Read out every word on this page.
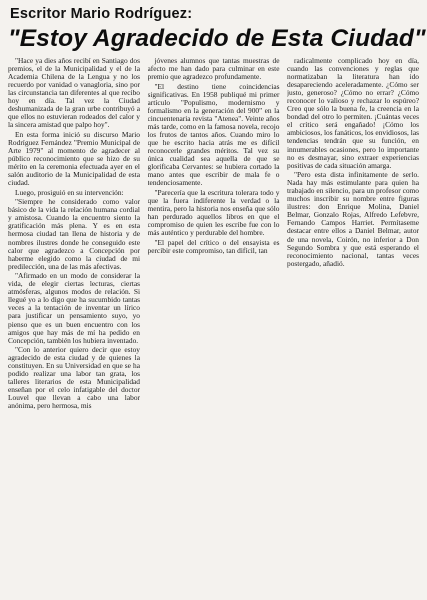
Escritor Mario Rodríguez:
"Estoy Agradecido de Esta Ciudad"

"Hace ya dies años recibí en Santiago dos premios, el de la Municipalidad y el de la Academia Chilena de la Lengua y no los recuerdo por vanidad o vanagloria, sino por las circunstancia tan diferentes al que recibo hoy en día. Tal vez la Ciudad deshumanizada de la gran urbe contribuyó a que ellos no estuvieran rodeados del calor y la sincera amistad que palpo hoy".

En esta forma inició su discurso Mario Rodríguez Fernández "Premio Municipal de Arte 1979" al momento de agradecer al público reconocimiento que se hizo de su mérito en la ceremonia efectuada ayer en el salón auditorio de la Municipalidad de esta ciudad.

Luego, prosiguió en su intervención:

"Siempre he considerado como valor básico de la vida la relación humana cordial y amistosa. Cuando la encuentro siento la gratificación más plena. Y es en esta hermosa ciudad tan llena de historia y de nombres ilustres donde he conseguido este calor que agradezco a Concepción por haberme elegido como la ciudad de mi predilección, una de las más afectivas.

"Afirmado en un modo de considerar la vida, de elegir ciertas lecturas, ciertas atmósferas, algunos modos de relación. Si llegué yo a lo digo que ha sucumbido tantas veces a la tentación de inventar un lírico para justificar un pensamiento suyo, yo pienso que es un buen encuentro con los amigos que hay más de mí ha pedido en Concepción, también los hubiera inventado.

"Con lo anterior quiero decir que estoy agradecido de esta ciudad y de quienes la constituyen. En su Universidad en que se ha podido realizar una labor tan grata, los talleres literarios de esta Municipalidad enseñan por el celo infatigable del doctor Louvel que llevan a cabo una labor anónima, pero hermosa, mis

jóvenes alumnos que tantas muestras de afecto me han dado para culminar en este premio que agradezco profundamente.

"El destino tiene coincidencias significativas. En 1958 publiqué mi primer artículo "Populismo, modernismo y formalismo en la generación del 900" en la cincuentenaria revista "Atenea". Veinte años más tarde, como en la famosa novela, recojo los frutos de tantos años. Cuando miro lo que he escrito hacia atrás me es difícil reconocerle grandes méritos. Tal vez su única cualidad sea aquella de que se glorificaba Cervantes: se hubiera cortado la mano antes que escribir de mala fe o tendenciosamente.

"Parecería que la escritura tolerara todo y que la fuera indiferente la verdad o la mentira, pero la historia nos enseña que sólo han perdurado aquellos libros en que el compromiso de quien les escribe fue con lo más auténtico y perdurable del hombre.

"El papel del crítico o del ensayista es percibir este compromiso, tan difícil, tan

radicalmente complicado hoy en día, cuando las convenciones y reglas que normatizaban la literatura han ido desapareciendo aceleradamente. ¿Cómo ser justo, generoso? ¿Cómo no errar? ¿Cómo reconocer lo valioso y rechazar lo espúreo? Creo que sólo la buena fe, la creencia en la bondad del otro lo permiten. ¡Cuántas veces el crítico será engañado! ¡Cómo los ambiciosos, los fanáticos, los envidiosos, las tendencias tendrán que su función, en innumerables ocasiones, pero lo importante no es desmayar, sino extraer experiencias positivas de cada situación amarga.

"Pero esta dista infinitamente de serlo. Nada hay más estimulante para quien ha trabajado en silencio, para un profesor como muchos inscribir su nombre entre figuras ilustres: don Enrique Molina, Daniel Belmar, Gonzalo Rojas, Alfredo Lefebvre, Fernando Campos Harriet. Permítaseme destacar entre ellos a Daniel Belmar, autor de una novela, Coirón, no inferior a Don Segundo Sombra y que está esperando el reconocimiento nacional, tantas veces postergado, añadió.
